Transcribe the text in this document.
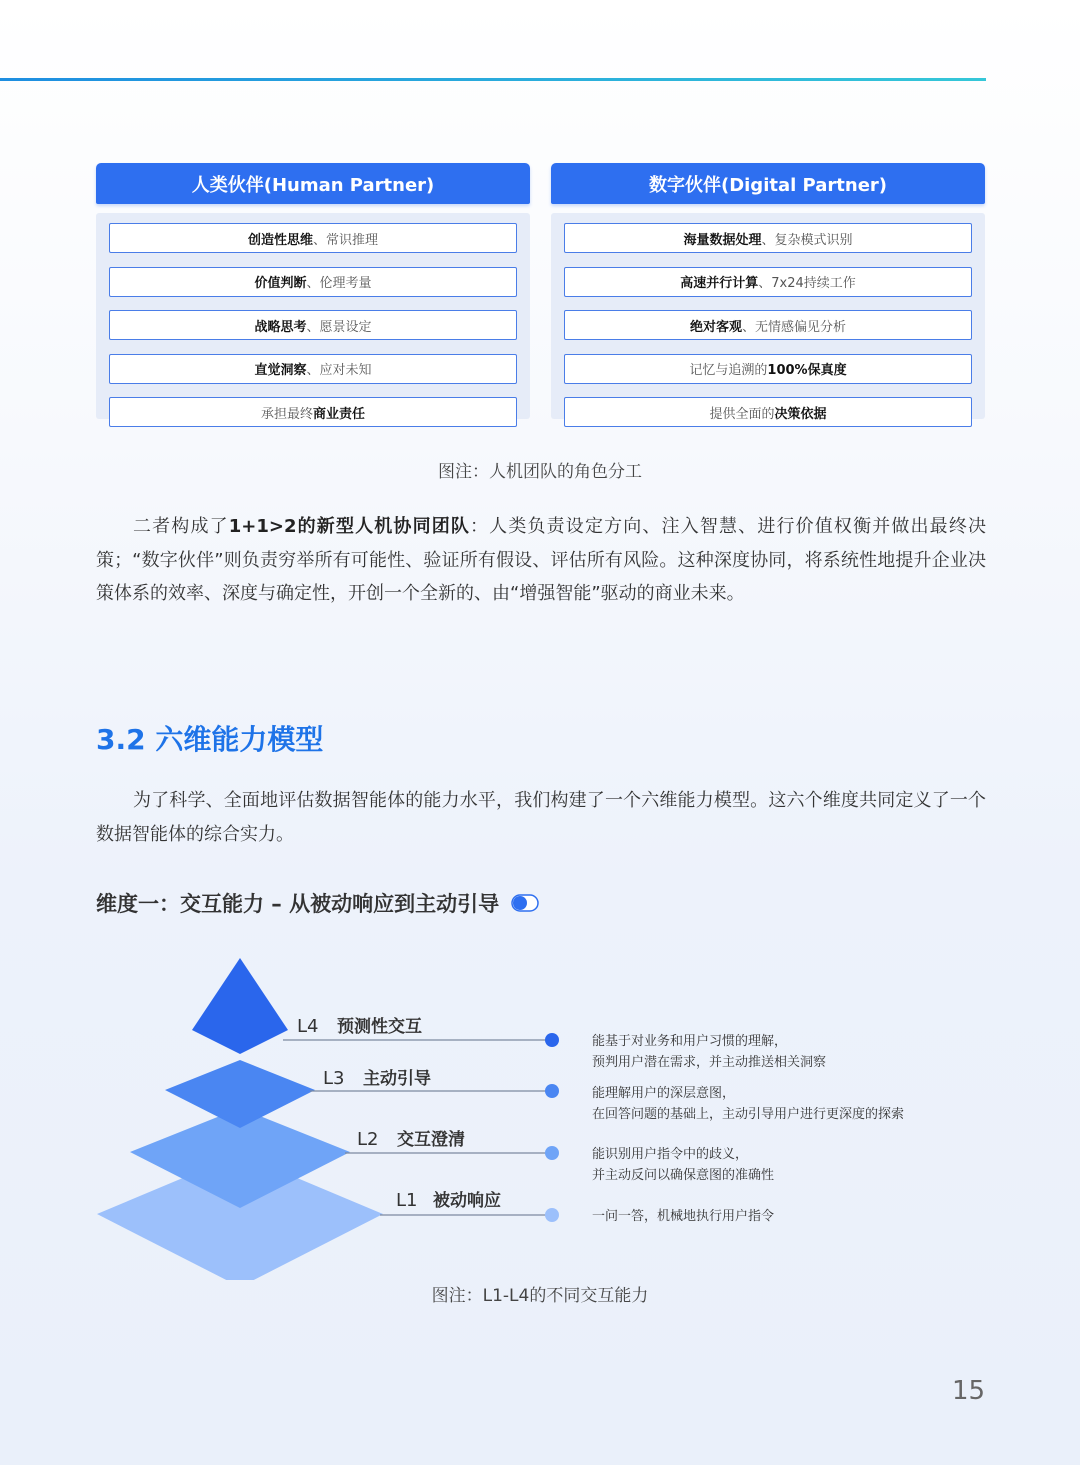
人类伙伴(Human Partner)
创造性思维 、常识推理
价值判断 、伦理考量
战略思考 、愿景设定
直觉洞察 、应对未知
承担最终 商业责任
数字伙伴(Digital Partner)
海量数据处理 、复杂模式识别
高速并行计算 、7x24持续工作
绝对客观 、无情感偏见分析
记忆与追溯的 100%保真度
提供全面的 决策依据
图注：人机团队的角色分工
二者构成了1+1>2的新型人机协同团队：人类负责设定方向、注入智慧、进行价值权衡并做出最终决策；“数字伙伴”则负责穷举所有可能性、验证所有假设、评估所有风险。这种深度协同，将系统性地提升企业决策体系的效率、深度与确定性，开创一个全新的、由“增强智能”驱动的商业未来。
3.2 六维能力模型
为了科学、全面地评估数据智能体的能力水平，我们构建了一个六维能力模型。这六个维度共同定义了一个数据智能体的综合实力。
维度一：交互能力 – 从被动响应到主动引导
L4 预测性交互
L3 主动引导
L2 交互澄清
L1 被动响应
能基于对业务和用户习惯的理解，
预判用户潜在需求，并主动推送相关洞察
能理解用户的深层意图，
在回答问题的基础上，主动引导用户进行更深度的探索
能识别用户指令中的歧义，
并主动反问以确保意图的准确性
一问一答，机械地执行用户指令
图注：L1-L4的不同交互能力
15
